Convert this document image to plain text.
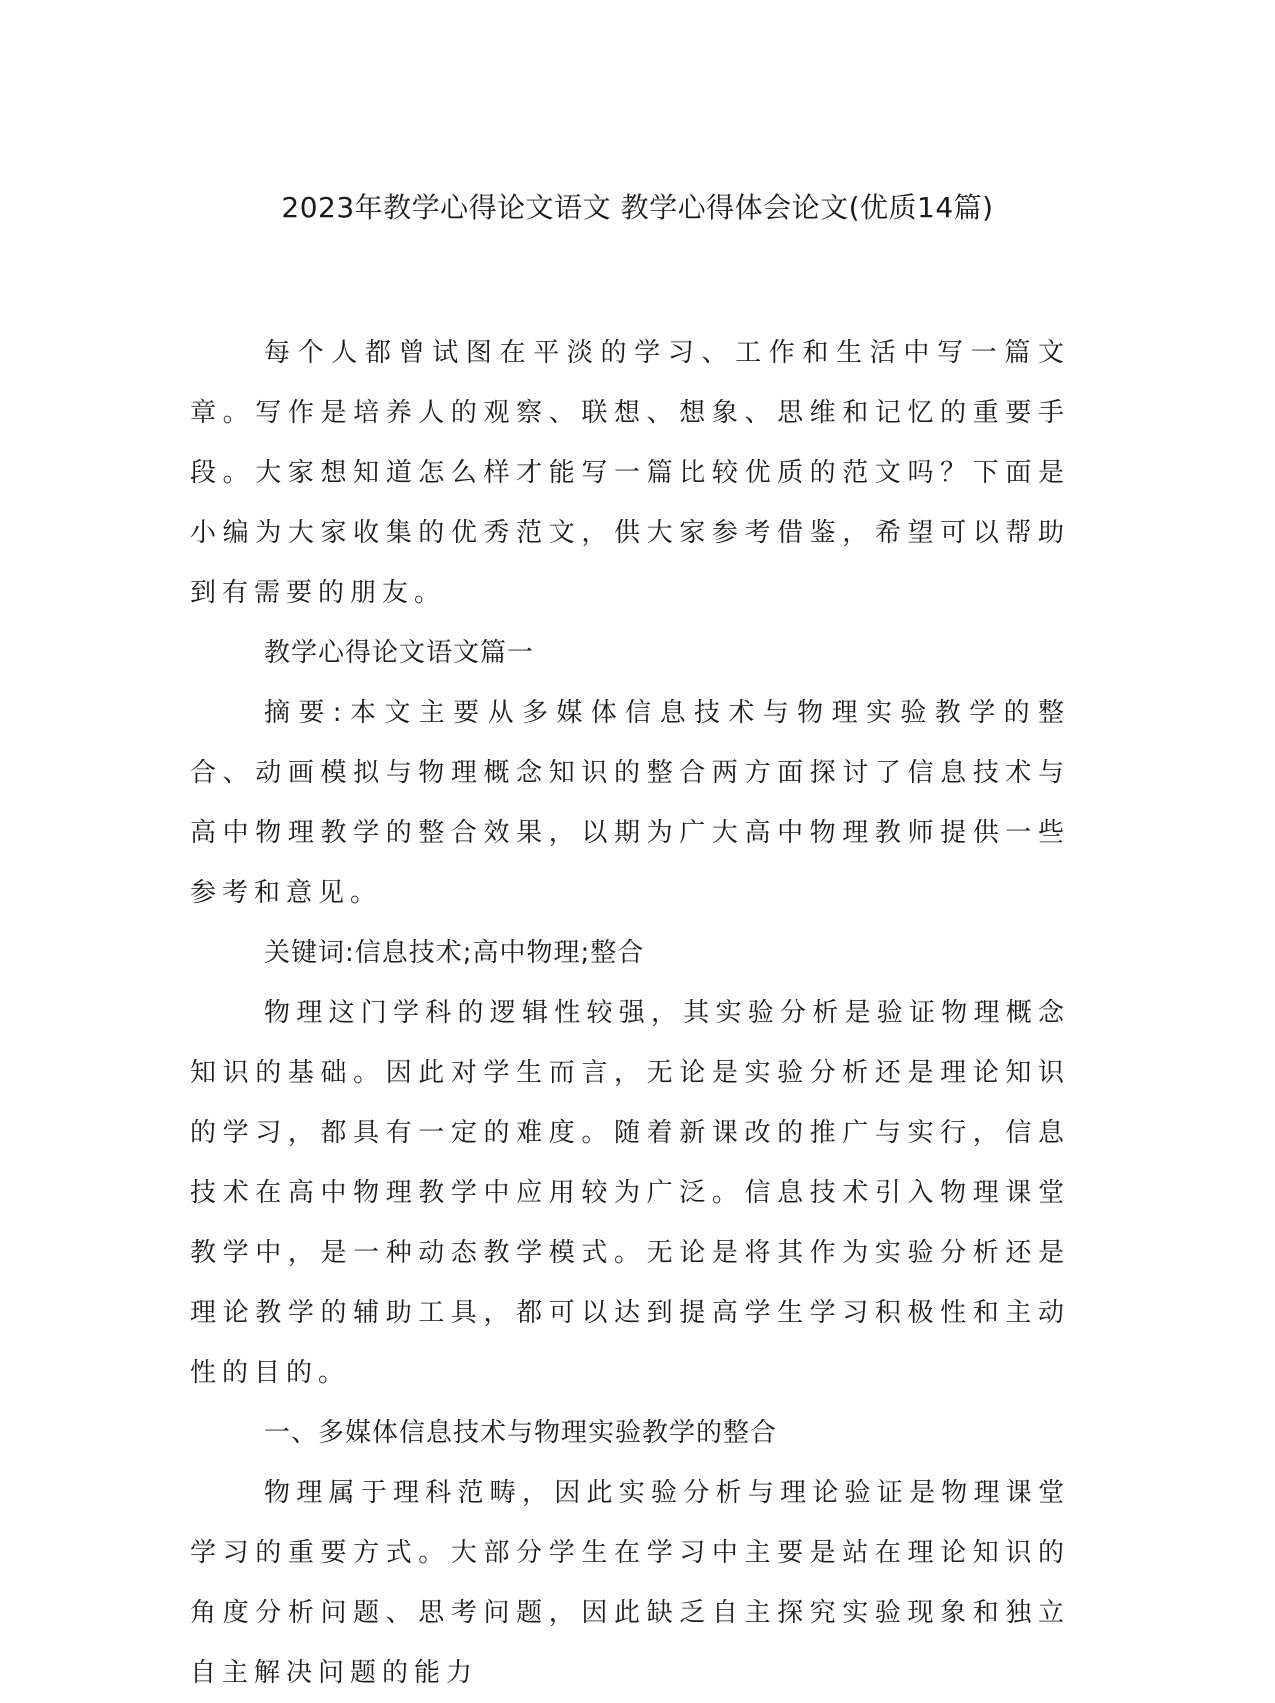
2023年教学心得论文语文 教学心得体会论文(优质14篇)

每个人都曾试图在平淡的学习、工作和生活中写一篇文章。写作是培养人的观察、联想、想象、思维和记忆的重要手段。大家想知道怎么样才能写一篇比较优质的范文吗？下面是小编为大家收集的优秀范文，供大家参考借鉴，希望可以帮助到有需要的朋友。

教学心得论文语文篇一

摘要:本文主要从多媒体信息技术与物理实验教学的整合、动画模拟与物理概念知识的整合两方面探讨了信息技术与高中物理教学的整合效果，以期为广大高中物理教师提供一些参考和意见。

关键词:信息技术;高中物理;整合

物理这门学科的逻辑性较强，其实验分析是验证物理概念知识的基础。因此对学生而言，无论是实验分析还是理论知识的学习，都具有一定的难度。随着新课改的推广与实行，信息技术在高中物理教学中应用较为广泛。信息技术引入物理课堂教学中，是一种动态教学模式。无论是将其作为实验分析还是理论教学的辅助工具，都可以达到提高学生学习积极性和主动性的目的。

一、多媒体信息技术与物理实验教学的整合

物理属于理科范畴，因此实验分析与理论验证是物理课堂学习的重要方式。大部分学生在学习中主要是站在理论知识的角度分析问题、思考问题，因此缺乏自主探究实验现象和独立自主解决问题的能力
